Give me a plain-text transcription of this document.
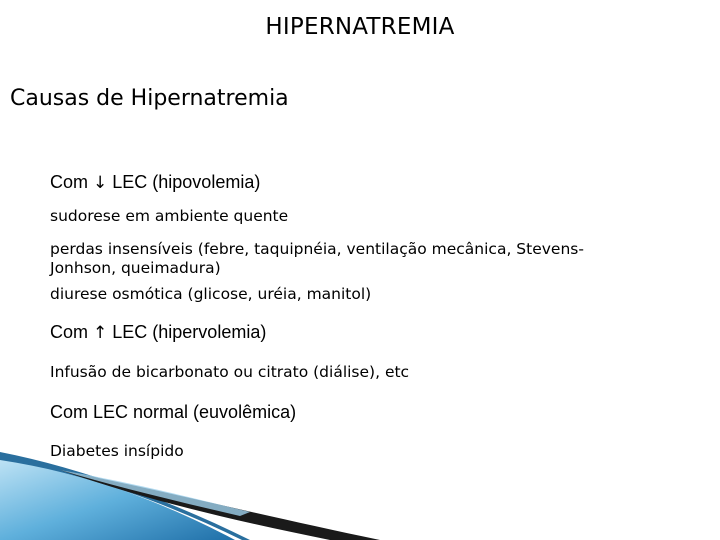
HIPERNATREMIA
Causas de Hipernatremia
Com ↓ LEC (hipovolemia)
sudorese em ambiente quente
perdas insensíveis (febre, taquipnéia, ventilação mecânica, Stevens-Jonhson, queimadura)
diurese osmótica (glicose, uréia, manitol)
Com ↑ LEC (hipervolemia)
Infusão de bicarbonato ou citrato (diálise), etc
Com LEC normal (euvolêmica)
Diabetes insípido
